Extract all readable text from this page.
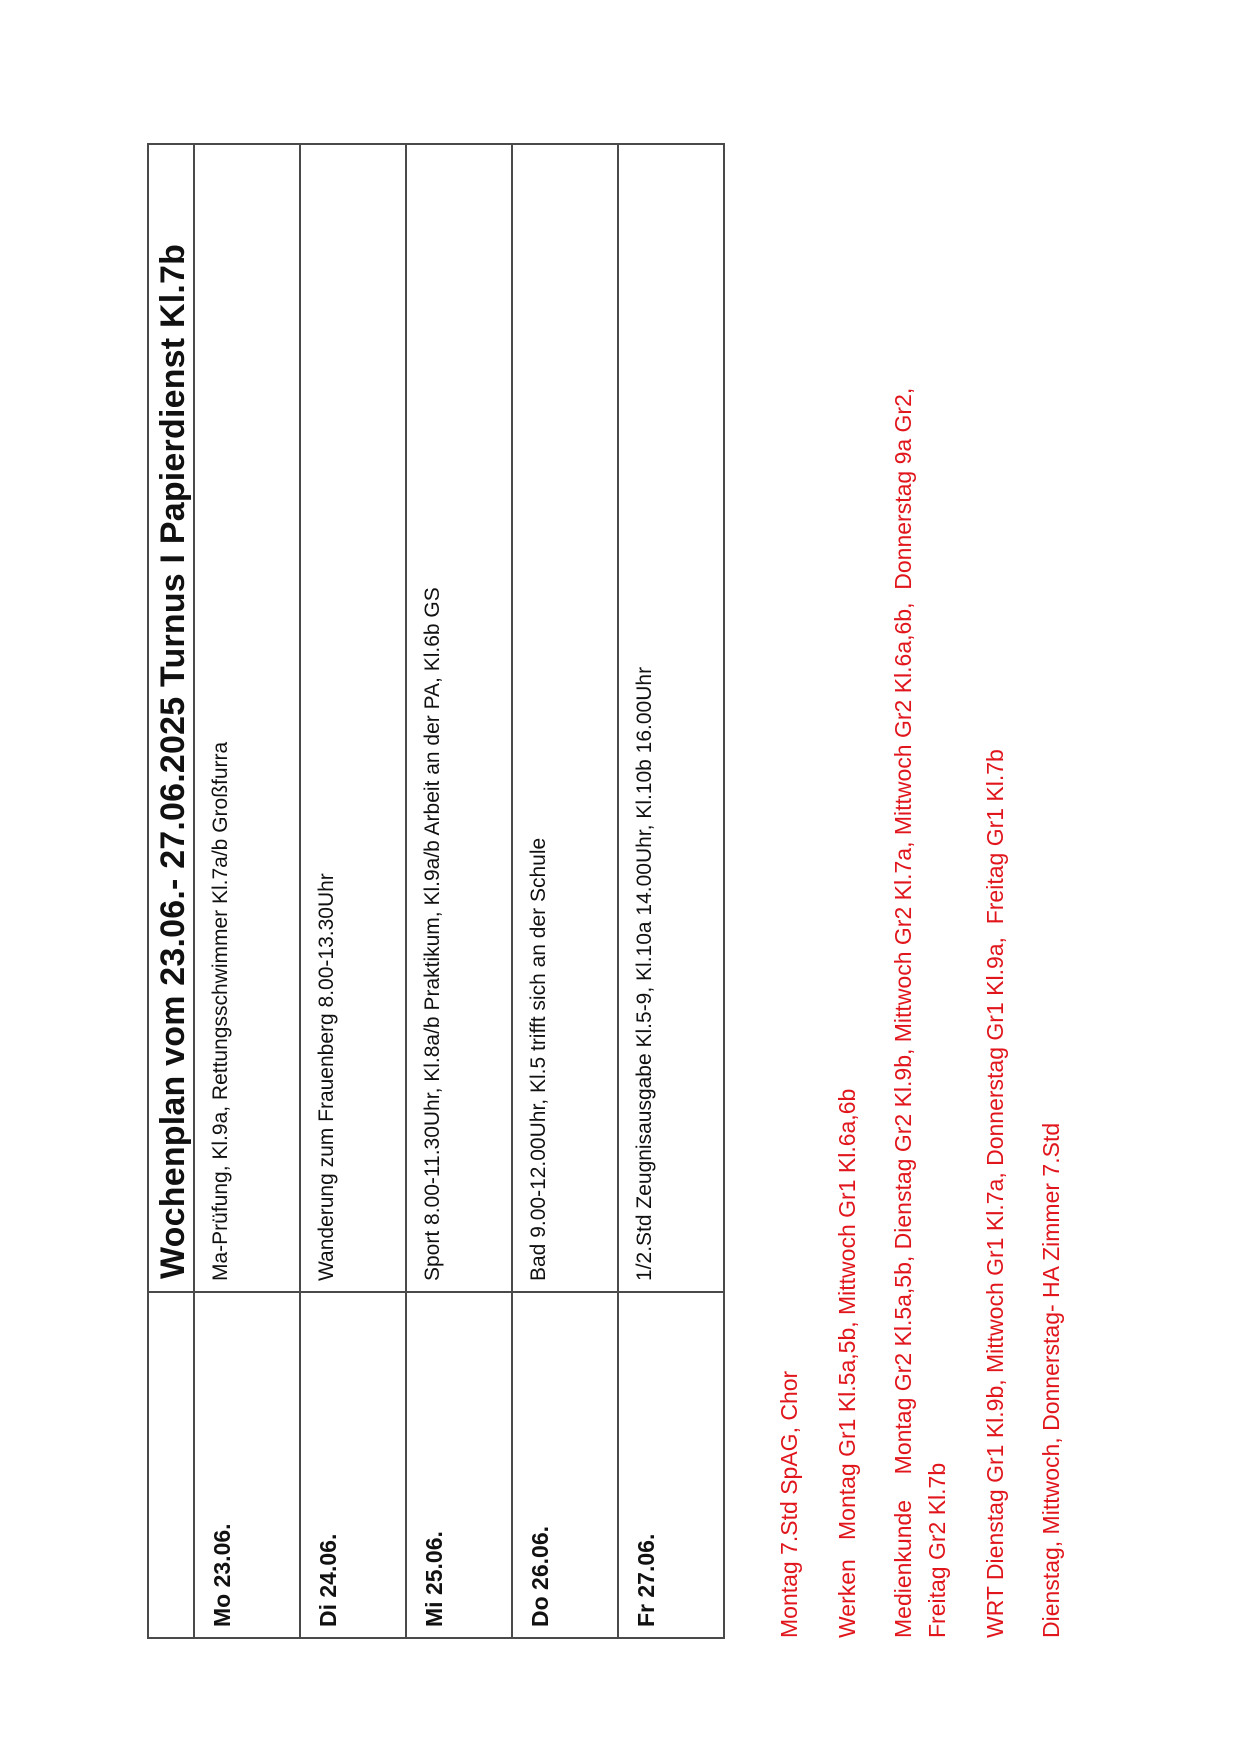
	Wochenplan vom 23.06.- 27.06.2025 Turnus I Papierdienst Kl.7b
Mo 23.06.	Ma-Prüfung, Kl.9a, Rettungsschwimmer Kl.7a/b Großfurra
Di 24.06.	Wanderung zum Frauenberg 8.00-13.30Uhr
Mi 25.06.	Sport 8.00-11.30Uhr, Kl.8a/b Praktikum, Kl.9a/b Arbeit an der PA, Kl.6b GS
Do 26.06.	Bad 9.00-12.00Uhr, Kl.5 trifft sich an der Schule
Fr 27.06.	1/2.Std Zeugnisausgabe Kl.5-9, Kl.10a 14.00Uhr, Kl.10b 16.00Uhr
Montag 7.Std SpAG, Chor Werken   Montag Gr1 Kl.5a,5b, Mittwoch Gr1 Kl.6a,6b Medienkunde    Montag Gr2 Kl.5a,5b, Dienstag Gr2 Kl.9b, Mittwoch Gr2 Kl.7a, Mittwoch Gr2 Kl.6a,6b,  Donnerstag 9a Gr2, Freitag Gr2 Kl.7b WRT Dienstag Gr1 Kl.9b, Mittwoch Gr1 Kl.7a, Donnerstag Gr1 Kl.9a,  Freitag Gr1 Kl.7b Dienstag, Mittwoch, Donnerstag- HA Zimmer 7.Std
